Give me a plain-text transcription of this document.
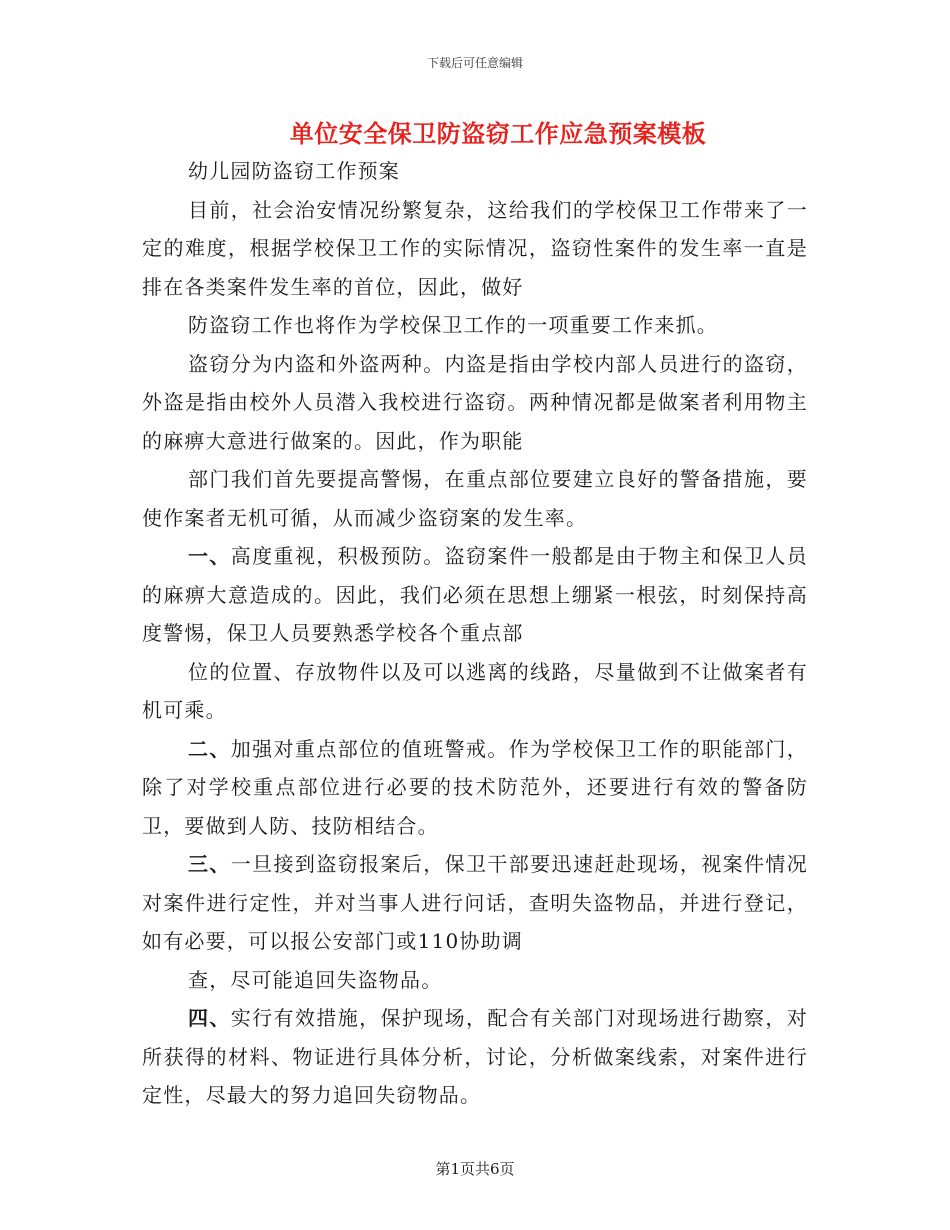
下载后可任意编辑
单位安全保卫防盗窃工作应急预案模板

幼儿园防盗窃工作预案

目前，社会治安情况纷繁复杂，这给我们的学校保卫工作带来了一定的难度，根据学校保卫工作的实际情况，盗窃性案件的发生率一直是排在各类案件发生率的首位，因此，做好

防盗窃工作也将作为学校保卫工作的一项重要工作来抓。

盗窃分为内盗和外盗两种。内盗是指由学校内部人员进行的盗窃，外盗是指由校外人员潜入我校进行盗窃。两种情况都是做案者利用物主的麻痹大意进行做案的。因此，作为职能

部门我们首先要提高警惕，在重点部位要建立良好的警备措施，要使作案者无机可循，从而减少盗窃案的发生率。

一、高度重视，积极预防。盗窃案件一般都是由于物主和保卫人员的麻痹大意造成的。因此，我们必须在思想上绷紧一根弦，时刻保持高度警惕，保卫人员要熟悉学校各个重点部

位的位置、存放物件以及可以逃离的线路，尽量做到不让做案者有机可乘。

二、加强对重点部位的值班警戒。作为学校保卫工作的职能部门，除了对学校重点部位进行必要的技术防范外，还要进行有效的警备防卫，要做到人防、技防相结合。

三、一旦接到盗窃报案后，保卫干部要迅速赶赴现场，视案件情况对案件进行定性，并对当事人进行问话，查明失盗物品，并进行登记，如有必要，可以报公安部门或110协助调

查，尽可能追回失盗物品。

四、实行有效措施，保护现场，配合有关部门对现场进行勘察，对所获得的材料、物证进行具体分析，讨论，分析做案线索，对案件进行定性，尽最大的努力追回失窃物品。

第1页共6页
